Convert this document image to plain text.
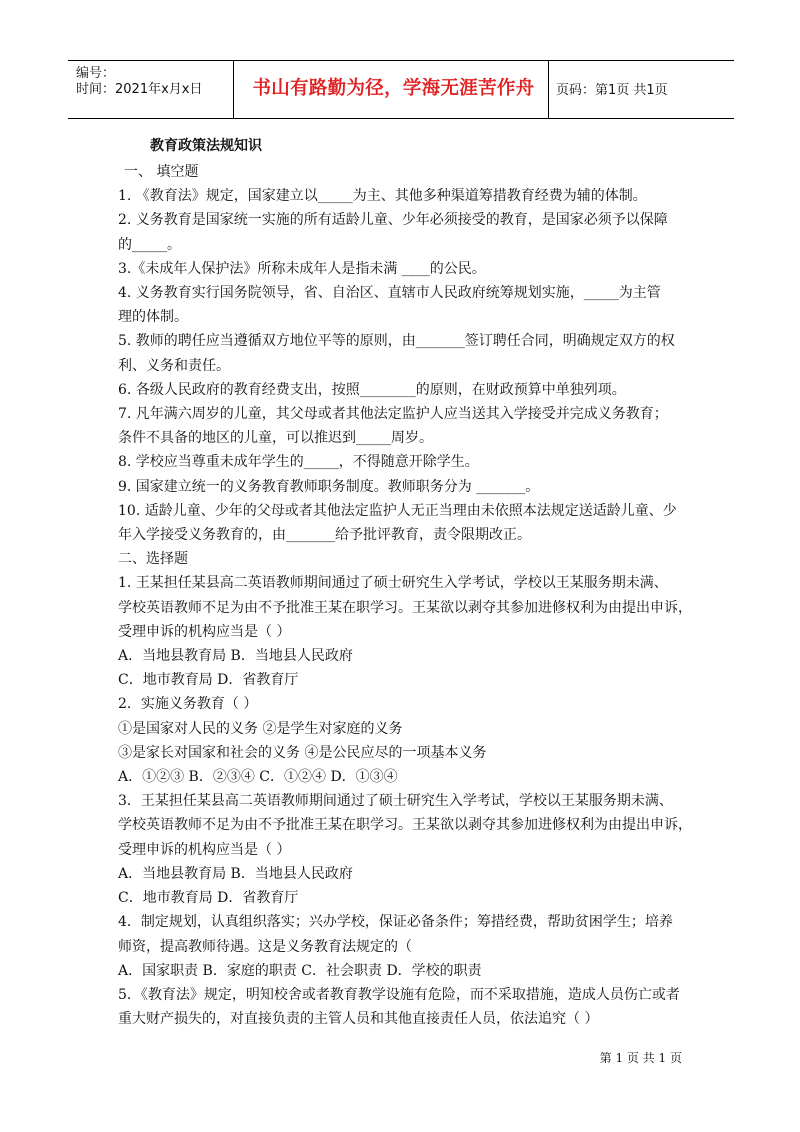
编号：
时间：2021年x月x日	书山有路勤为径，学海无涯苦作舟	页码：第1页 共1页
教育政策法规知识
一、 填空题
1. 《教育法》规定，国家建立以_____为主、其他多种渠道筹措教育经费为辅的体制。
2. 义务教育是国家统一实施的所有适龄儿童、少年必须接受的教育，是国家必须予以保障
的_____。
3.《未成年人保护法》所称未成年人是指未满 ____的公民。
4. 义务教育实行国务院领导，省、自治区、直辖市人民政府统筹规划实施，_____为主管
理的体制。
5. 教师的聘任应当遵循双方地位平等的原则，由_______签订聘任合同，明确规定双方的权
利、义务和责任。
6. 各级人民政府的教育经费支出，按照________的原则，在财政预算中单独列项。
7. 凡年满六周岁的儿童，其父母或者其他法定监护人应当送其入学接受并完成义务教育；
条件不具备的地区的儿童，可以推迟到_____周岁。
8. 学校应当尊重未成年学生的_____，不得随意开除学生。
9. 国家建立统一的义务教育教师职务制度。教师职务分为 _______。
10. 适龄儿童、少年的父母或者其他法定监护人无正当理由未依照本法规定送适龄儿童、少
年入学接受义务教育的，由_______给予批评教育，责令限期改正。
二、选择题
1. 王某担任某县高二英语教师期间通过了硕士研究生入学考试，学校以王某服务期未满、
学校英语教师不足为由不予批准王某在职学习。王某欲以剥夺其参加进修权利为由提出申诉，
受理申诉的机构应当是（ ）
A．当地县教育局 B．当地县人民政府
C．地市教育局 D．省教育厅
2．实施义务教育（ ）
①是国家对人民的义务 ②是学生对家庭的义务
③是家长对国家和社会的义务 ④是公民应尽的一项基本义务
A．①②③ B．②③④ C．①②④ D．①③④
3．王某担任某县高二英语教师期间通过了硕士研究生入学考试，学校以王某服务期未满、
学校英语教师不足为由不予批准王某在职学习。王某欲以剥夺其参加进修权利为由提出申诉，
受理申诉的机构应当是（ ）
A．当地县教育局 B．当地县人民政府
C．地市教育局 D．省教育厅
4．制定规划，认真组织落实；兴办学校，保证必备条件；筹措经费，帮助贫困学生；培养
师资，提高教师待遇。这是义务教育法规定的（
A．国家职责 B．家庭的职责 C．社会职责 D．学校的职责
5．《教育法》规定，明知校舍或者教育教学设施有危险，而不采取措施，造成人员伤亡或者
重大财产损失的，对直接负责的主管人员和其他直接责任人员，依法追究（ ）
第 1 页 共 1 页
